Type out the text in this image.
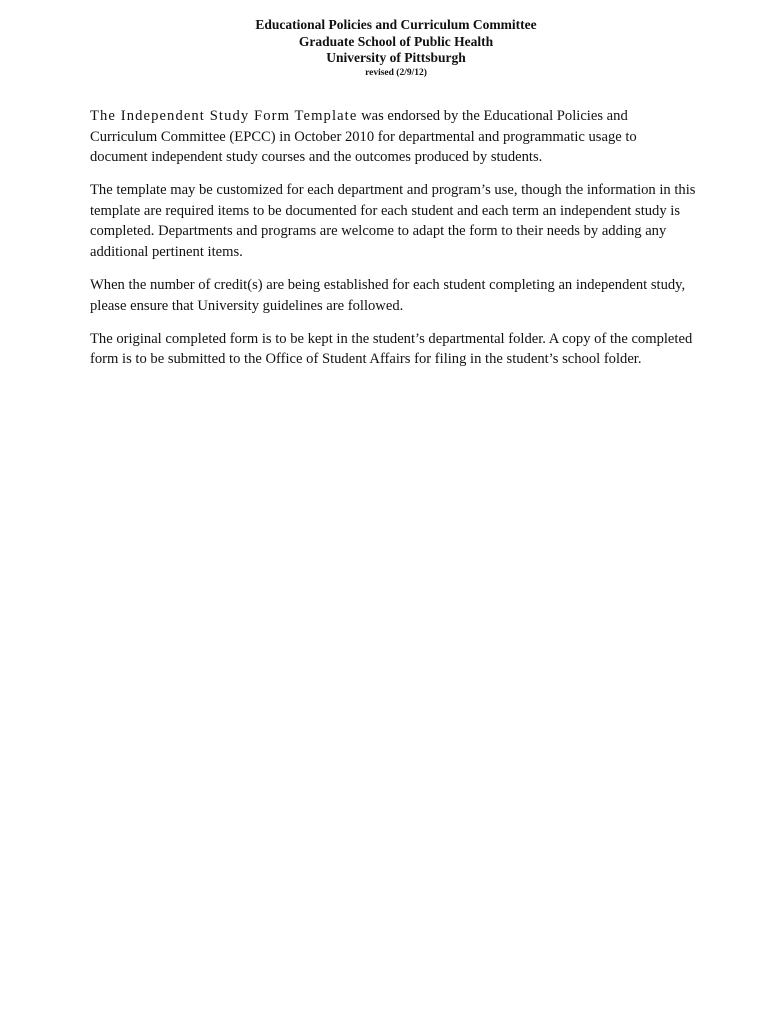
Educational Policies and Curriculum Committee

Graduate School of Public Health

University of Pittsburgh

revised (2/9/12)

The Independent Study Form Template was endorsed by the Educational Policies and Curriculum Committee (EPCC) in October 2010 for departmental and programmatic usage to document independent study courses and the outcomes produced by students.

The template may be customized for each department and program’s use, though the information in this template are required items to be documented for each student and each term an independent study is completed. Departments and programs are welcome to adapt the form to their needs by adding any additional pertinent items.

When the number of credit(s) are being established for each student completing an independent study, please ensure that University guidelines are followed.

The original completed form is to be kept in the student’s departmental folder. A copy of the completed form is to be submitted to the Office of Student Affairs for filing in the student’s school folder.
